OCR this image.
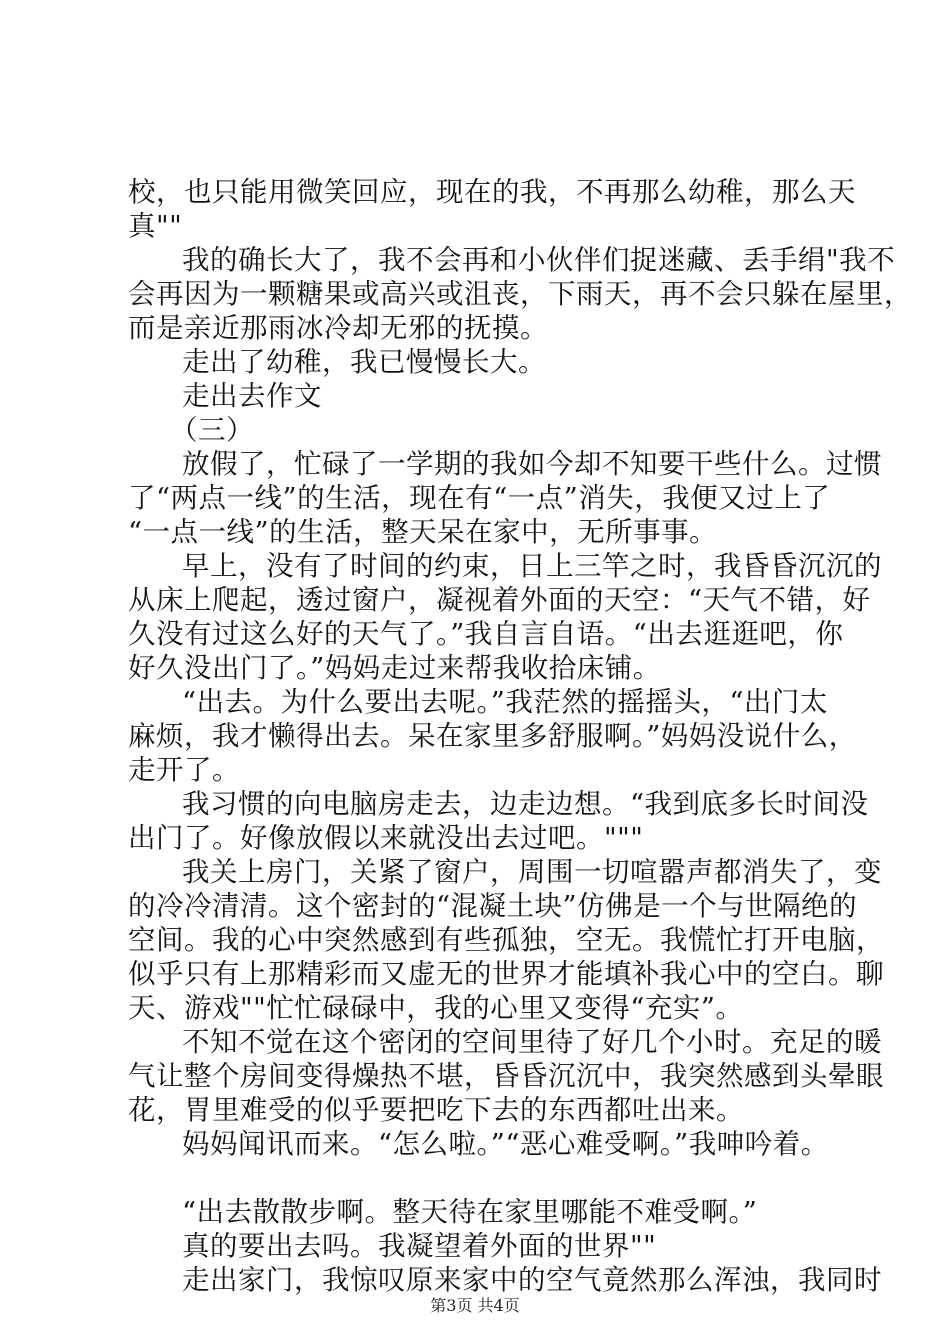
校，也只能用微笑回应，现在的我，不再那么幼稚，那么天
真""
我的确长大了，我不会再和小伙伴们捉迷藏、丢手绢"我不
会再因为一颗糖果或高兴或沮丧，下雨天，再不会只躲在屋里，
而是亲近那雨冰冷却无邪的抚摸。
走出了幼稚，我已慢慢长大。
走出去作文
（三）
放假了，忙碌了一学期的我如今却不知要干些什么。过惯
了“两点一线”的生活，现在有“一点”消失，我便又过上了
“一点一线”的生活，整天呆在家中，无所事事。
早上，没有了时间的约束，日上三竿之时，我昏昏沉沉的
从床上爬起，透过窗户，凝视着外面的天空：“天气不错，好
久没有过这么好的天气了。”我自言自语。“出去逛逛吧，你
好久没出门了。”妈妈走过来帮我收拾床铺。
“出去。为什么要出去呢。”我茫然的摇摇头，“出门太
麻烦，我才懒得出去。呆在家里多舒服啊。”妈妈没说什么，
走开了。
我习惯的向电脑房走去，边走边想。“我到底多长时间没
出门了。好像放假以来就没出去过吧。"""
我关上房门，关紧了窗户，周围一切喧嚣声都消失了，变
的冷冷清清。这个密封的“混凝土块”仿佛是一个与世隔绝的
空间。我的心中突然感到有些孤独，空无。我慌忙打开电脑，
似乎只有上那精彩而又虚无的世界才能填补我心中的空白。聊
天、游戏""忙忙碌碌中，我的心里又变得“充实”。
不知不觉在这个密闭的空间里待了好几个小时。充足的暖
气让整个房间变得燥热不堪，昏昏沉沉中，我突然感到头晕眼
花，胃里难受的似乎要把吃下去的东西都吐出来。
妈妈闻讯而来。“怎么啦。”“恶心难受啊。”我呻吟着。
“出去散散步啊。整天待在家里哪能不难受啊。”
真的要出去吗。我凝望着外面的世界""
走出家门，我惊叹原来家中的空气竟然那么浑浊，我同时
第3页 共4页
